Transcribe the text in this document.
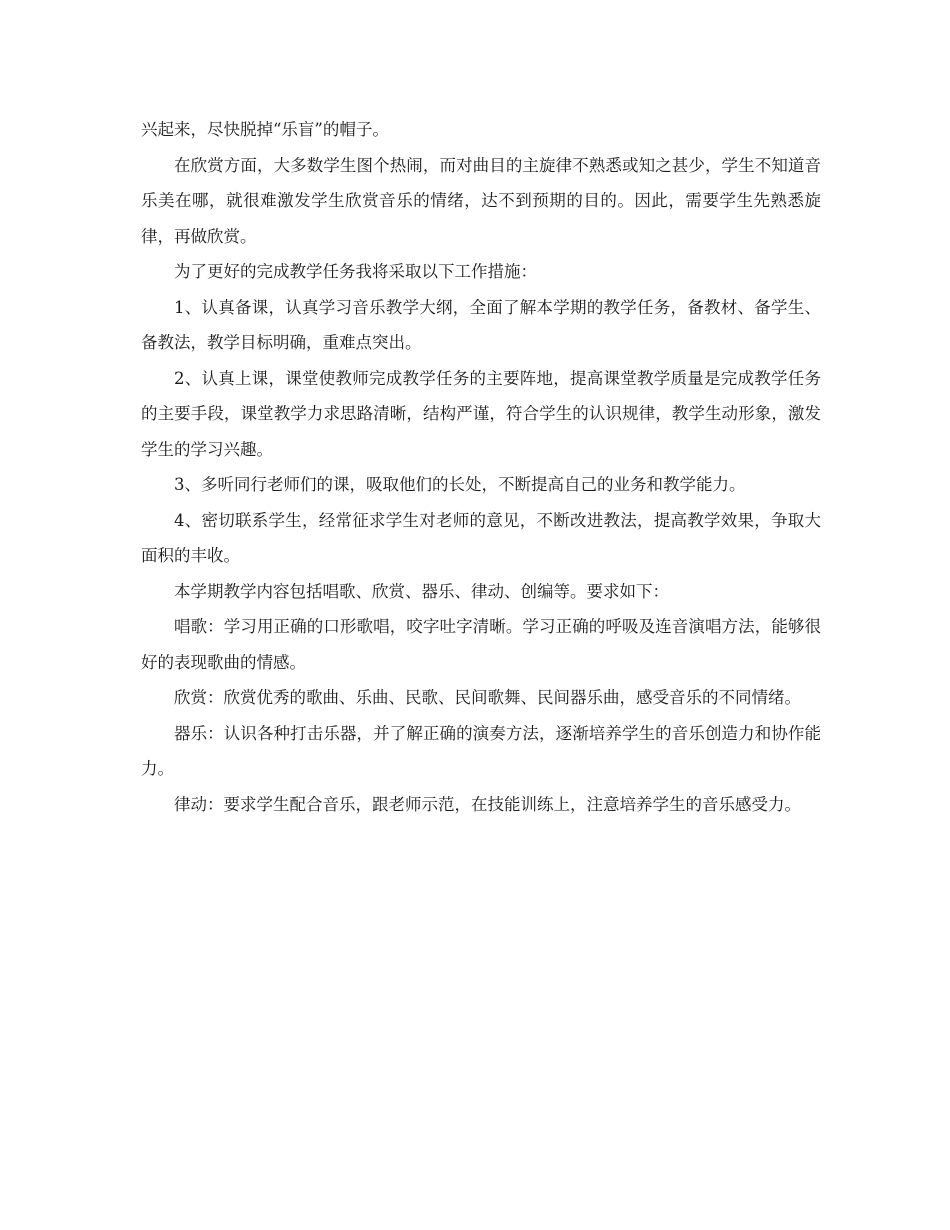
兴起来，尽快脱掉“乐盲”的帽子。

在欣赏方面，大多数学生图个热闹，而对曲目的主旋律不熟悉或知之甚少，学生不知道音乐美在哪，就很难激发学生欣赏音乐的情绪，达不到预期的目的。因此，需要学生先熟悉旋律，再做欣赏。

为了更好的完成教学任务我将采取以下工作措施：

1、认真备课，认真学习音乐教学大纲，全面了解本学期的教学任务，备教材、备学生、备教法，教学目标明确，重难点突出。

2、认真上课，课堂使教师完成教学任务的主要阵地，提高课堂教学质量是完成教学任务的主要手段，课堂教学力求思路清晰，结构严谨，符合学生的认识规律，教学生动形象，激发学生的学习兴趣。

3、多听同行老师们的课，吸取他们的长处，不断提高自己的业务和教学能力。

4、密切联系学生，经常征求学生对老师的意见，不断改进教法，提高教学效果，争取大面积的丰收。

本学期教学内容包括唱歌、欣赏、器乐、律动、创编等。要求如下：

唱歌：学习用正确的口形歌唱，咬字吐字清晰。学习正确的呼吸及连音演唱方法，能够很好的表现歌曲的情感。

欣赏：欣赏优秀的歌曲、乐曲、民歌、民间歌舞、民间器乐曲，感受音乐的不同情绪。

器乐：认识各种打击乐器，并了解正确的演奏方法，逐渐培养学生的音乐创造力和协作能力。

律动：要求学生配合音乐，跟老师示范，在技能训练上，注意培养学生的音乐感受力。
